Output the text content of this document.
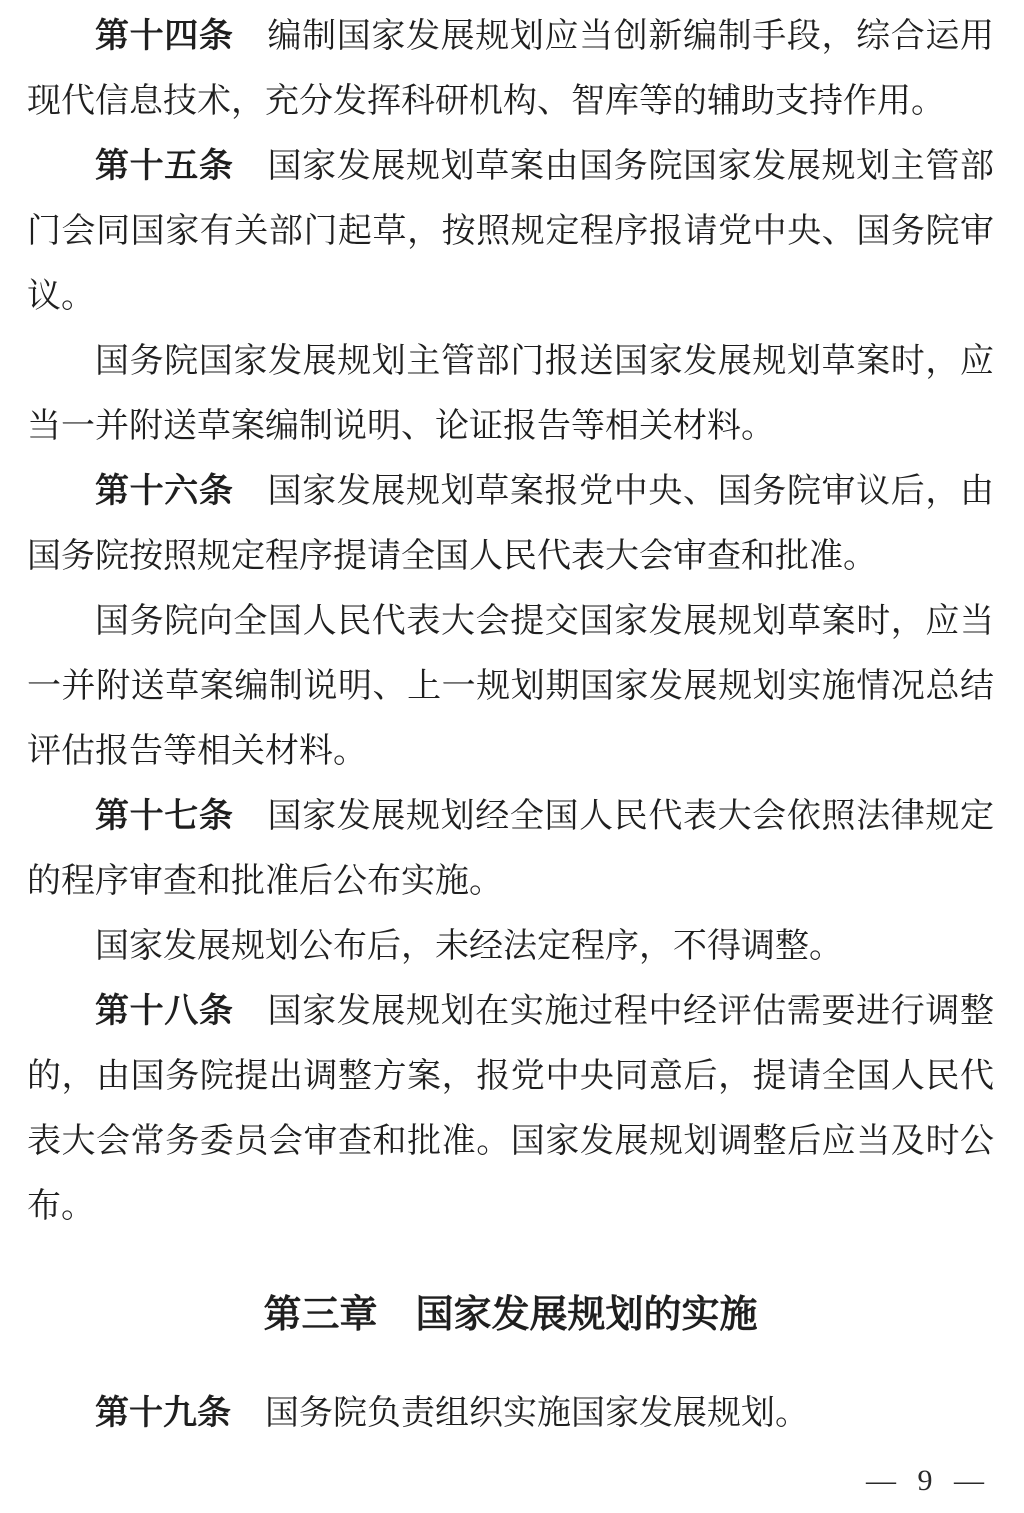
第十四条 编制国家发展规划应当创新编制手段，综合运用现代信息技术，充分发挥科研机构、智库等的辅助支持作用。

第十五条 国家发展规划草案由国务院国家发展规划主管部门会同国家有关部门起草，按照规定程序报请党中央、国务院审议。

国务院国家发展规划主管部门报送国家发展规划草案时，应当一并附送草案编制说明、论证报告等相关材料。

第十六条 国家发展规划草案报党中央、国务院审议后，由国务院按照规定程序提请全国人民代表大会审查和批准。

国务院向全国人民代表大会提交国家发展规划草案时，应当一并附送草案编制说明、上一规划期国家发展规划实施情况总结评估报告等相关材料。

第十七条 国家发展规划经全国人民代表大会依照法律规定的程序审查和批准后公布实施。

国家发展规划公布后，未经法定程序，不得调整。

第十八条 国家发展规划在实施过程中经评估需要进行调整的，由国务院提出调整方案，报党中央同意后，提请全国人民代表大会常务委员会审查和批准。国家发展规划调整后应当及时公布。

第三章 国家发展规划的实施

第十九条 国务院负责组织实施国家发展规划。

— 9 —
